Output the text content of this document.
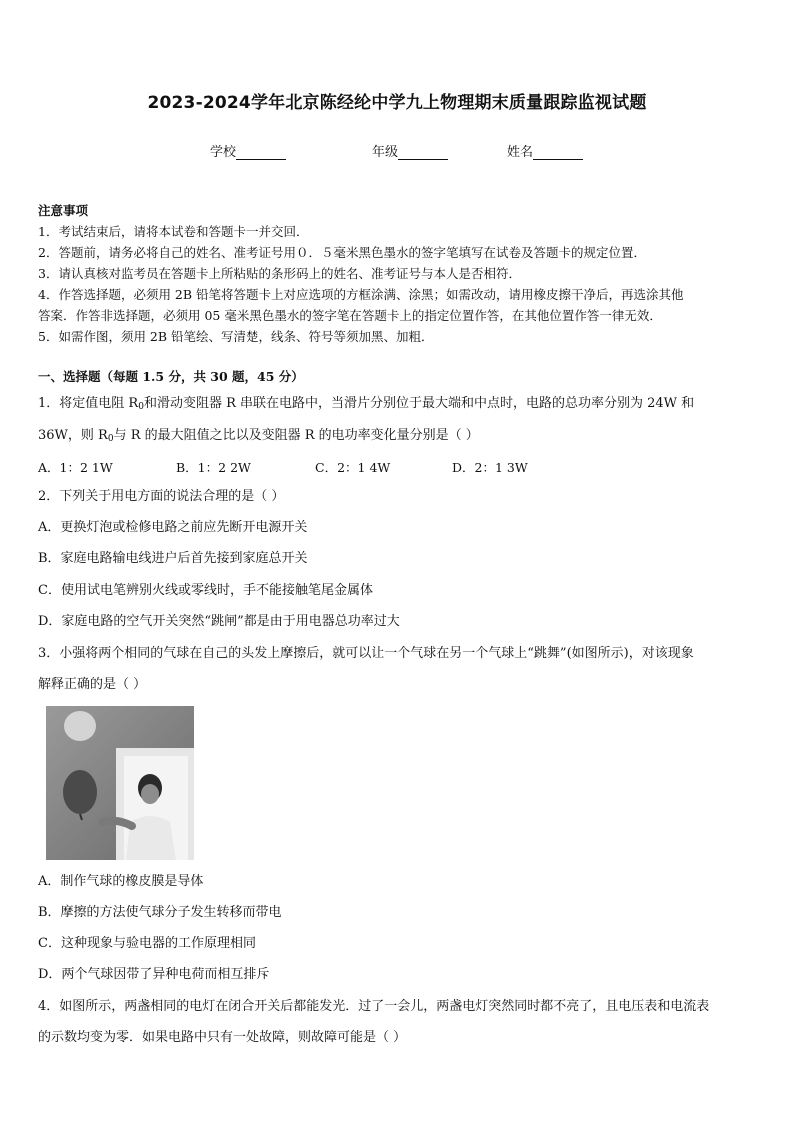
2023-2024学年北京陈经纶中学九上物理期末质量跟踪监视试题
学校	年级	姓名
注意事项
1．考试结束后，请将本试卷和答题卡一并交回．
2．答题前，请务必将自己的姓名、准考证号用０．５毫米黑色墨水的签字笔填写在试卷及答题卡的规定位置．
3．请认真核对监考员在答题卡上所粘贴的条形码上的姓名、准考证号与本人是否相符．
4．作答选择题，必须用 2B 铅笔将答题卡上对应选项的方框涂满、涂黑；如需改动，请用橡皮擦干净后，再选涂其他
答案．作答非选择题，必须用 05 毫米黑色墨水的签字笔在答题卡上的指定位置作答，在其他位置作答一律无效．
5．如需作图，须用 2B 铅笔绘、写清楚，线条、符号等须加黑、加粗．
一、选择题（每题 1.5 分，共 30 题，45 分）
1．将定值电阻 $R_0$和滑动变阻器 R 串联在电路中，当滑片分别位于最大端和中点时，电路的总功率分别为 24W 和
36W，则 $R_0$与 R 的最大阻值之比以及变阻器 R 的电功率变化量分别是（ ）
A．1：2 1W	B．1：2 2W	C．2：1 4W	D．2：1 3W
2．下列关于用电方面的说法合理的是（ ）
A．更换灯泡或检修电路之前应先断开电源开关
B．家庭电路输电线进户后首先接到家庭总开关
C．使用试电笔辨别火线或零线时，手不能接触笔尾金属体
D．家庭电路的空气开关突然“跳闸”都是由于用电器总功率过大
3．小强将两个相同的气球在自己的头发上摩擦后，就可以让一个气球在另一个气球上“跳舞”(如图所示)，对该现象
解释正确的是（ ）
A．制作气球的橡皮膜是导体
B．摩擦的方法使气球分子发生转移而带电
C．这种现象与验电器的工作原理相同
D．两个气球因带了异种电荷而相互排斥
4．如图所示，两盏相同的电灯在闭合开关后都能发光．过了一会儿，两盏电灯突然同时都不亮了，且电压表和电流表
的示数均变为零．如果电路中只有一处故障，则故障可能是（ ）
